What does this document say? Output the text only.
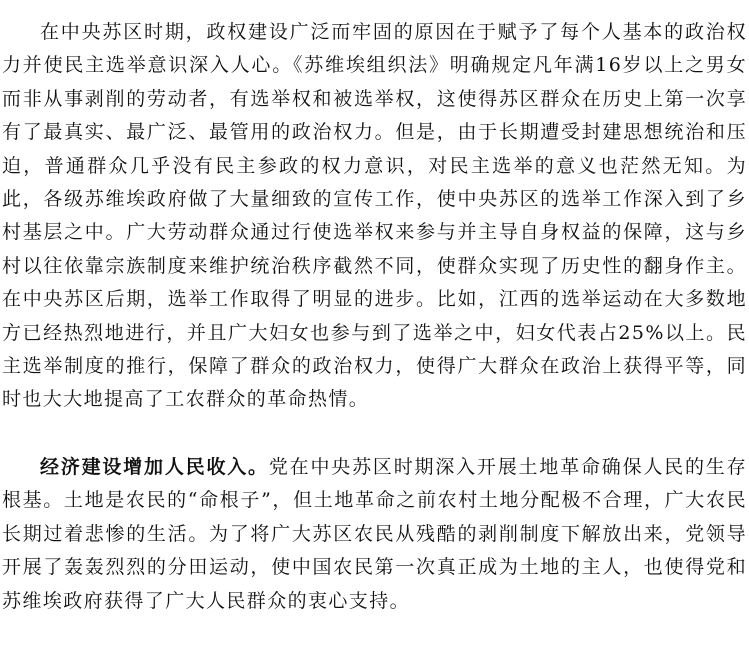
在中央苏区时期，政权建设广泛而牢固的原因在于赋予了每个人基本的政治权力并使民主选举意识深入人心。《苏维埃组织法》明确规定凡年满16岁以上之男女而非从事剥削的劳动者，有选举权和被选举权，这使得苏区群众在历史上第一次享有了最真实、最广泛、最管用的政治权力。但是，由于长期遭受封建思想统治和压迫，普通群众几乎没有民主参政的权力意识，对民主选举的意义也茫然无知。为此，各级苏维埃政府做了大量细致的宣传工作，使中央苏区的选举工作深入到了乡村基层之中。广大劳动群众通过行使选举权来参与并主导自身权益的保障，这与乡村以往依靠宗族制度来维护统治秩序截然不同，使群众实现了历史性的翻身作主。在中央苏区后期，选举工作取得了明显的进步。比如，江西的选举运动在大多数地方已经热烈地进行，并且广大妇女也参与到了选举之中，妇女代表占25%以上。民主选举制度的推行，保障了群众的政治权力，使得广大群众在政治上获得平等，同时也大大地提高了工农群众的革命热情。

经济建设增加人民收入。党在中央苏区时期深入开展土地革命确保人民的生存根基。土地是农民的“命根子”，但土地革命之前农村土地分配极不合理，广大农民长期过着悲惨的生活。为了将广大苏区农民从残酷的剥削制度下解放出来，党领导开展了轰轰烈烈的分田运动，使中国农民第一次真正成为土地的主人，也使得党和苏维埃政府获得了广大人民群众的衷心支持。
